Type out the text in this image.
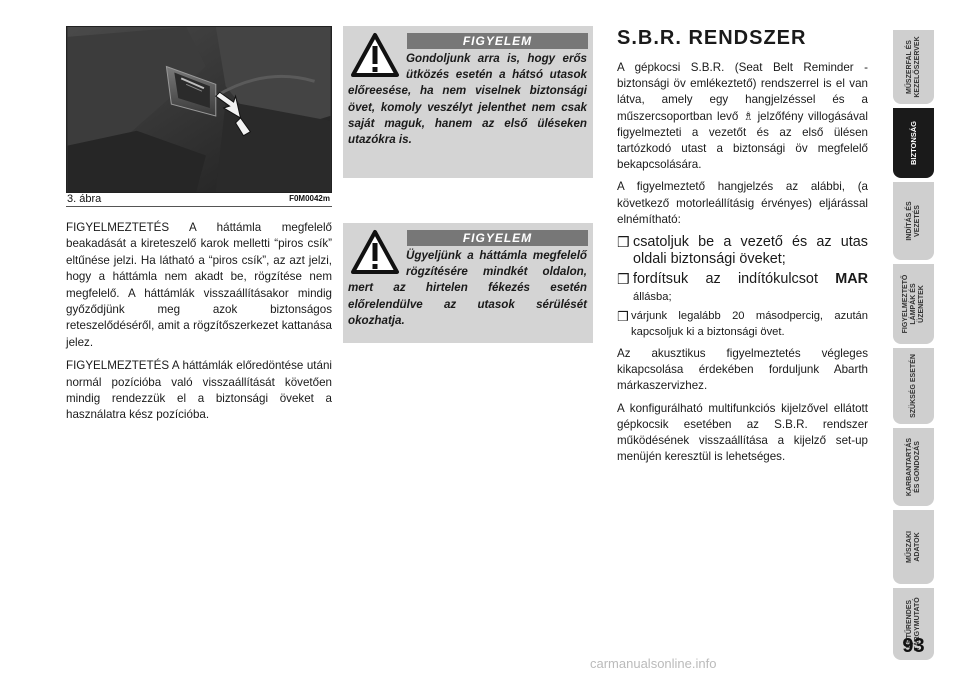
3. ábra	F0M0042m

FIGYELMEZTETÉS A háttámla megfelelő beakadását a kireteszelő karok melletti “piros csík” eltűnése jelzi. Ha látható a “piros csík”, az azt jelzi, hogy a háttámla nem akadt be, rögzítése nem megfelelő. A háttámlák visszaállításakor mindig győződjünk meg azok biztonságos reteszelődéséről, amit a rögzítőszerkezet kattanása jelez.

FIGYELMEZTETÉS A háttámlák előredöntése utáni normál pozícióba való visszaállítását követően mindig rendezzük el a biztonsági öveket a használatra kész pozícióba.

FIGYELEM
Gondoljunk arra is, hogy erős ütközés esetén a hátsó utasok előreesése, ha nem viselnek biztonsági övet, komoly veszélyt jelenthet nem csak saját maguk, hanem az első üléseken utazókra is.
FIGYELEM
Ügyeljünk a háttámla megfelelő rögzítésére mindkét oldalon, mert az hirtelen fékezés esetén előrelendülve az utasok sérülését okozhatja.
S.B.R. RENDSZER

A gépkocsi S.B.R. (Seat Belt Reminder - biztonsági öv emlékeztető) rendszerrel is el van látva, amely egy hangjelzéssel és a műszercsoportban levő ♗ jelzőfény villogásával figyelmezteti a vezetőt és az első ülésen tartózkodó utast a biztonsági öv megfelelő bekapcsolására.

A figyelmeztető hangjelzés az alábbi, (a következő motorleállításig érvényes) eljárással elnémítható:

❒ csatoljuk be a vezető és az utas oldali biztonsági öveket;
❒ fordítsuk az indítókulcsot MAR állásba;
❒ várjunk legalább 20 másodpercig, azután kapcsoljuk ki a biztonsági övet.

Az akusztikus figyelmeztetés végleges kikapcsolása érdekében forduljunk Abarth márkaszervizhez.

A konfigurálható multifunkciós kijelzővel ellátott gépkocsik esetében az S.B.R. rendszer működésének visszaállítása a kijelző set-up menüjén keresztül is lehetséges.

MŰSZERFAL ÉS
KEZELŐSZERVEK
BIZTONSÁG
INDÍTÁS ÉS
VEZETÉS
FIGYELMEZTETŐ
LÁMPÁK ÉS
ÜZENETEK
SZÜKSÉG ESETÉN
KARBANTARTÁS
ÉS GONDOZÁS
MŰSZAKI
ADATOK
BETŰRENDES
TÁRGYMUTATÓ
93
carmanualsonline.info
